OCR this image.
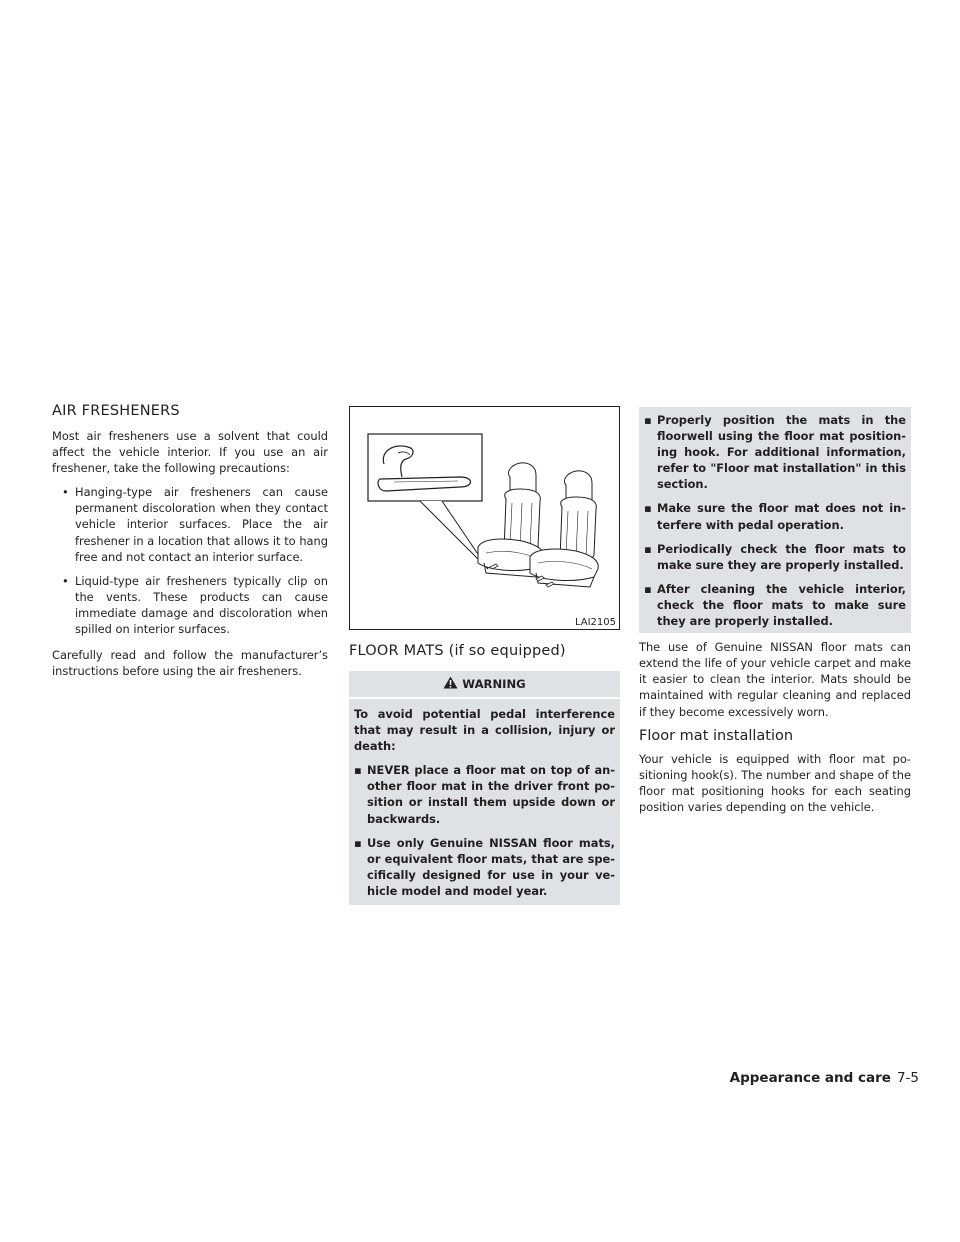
AIR FRESHENERS

Most air fresheners use a solvent that could affect the vehicle interior. If you use an air freshener, take the following precautions:

• Hanging-type air fresheners can cause permanent discoloration when they contact vehicle interior surfaces. Place the air freshener in a location that allows it to hang free and not contact an interior surface.
• Liquid-type air fresheners typically clip on the vents. These products can cause immediate damage and discoloration when spilled on interior surfaces.

Carefully read and follow the manufacturer’s instructions before using the air fresheners.

LAI2105
FLOOR MATS (if so equipped)
WARNING

To avoid potential pedal interference that may result in a collision, injury or death:

▪ NEVER place a floor mat on top of another floor mat in the driver front position or install them upside down or backwards.
▪ Use only Genuine NISSAN floor mats, or equivalent floor mats, that are specifically designed for use in your vehicle model and model year.
▪ Properly position the mats in the floorwell using the floor mat positioning hook. For additional information, refer to "Floor mat installation" in this section.
▪ Make sure the floor mat does not interfere with pedal operation.
▪ Periodically check the floor mats to make sure they are properly installed.
▪ After cleaning the vehicle interior, check the floor mats to make sure they are properly installed.

The use of Genuine NISSAN floor mats can extend the life of your vehicle carpet and make it easier to clean the interior. Mats should be maintained with regular cleaning and replaced if they become excessively worn.

Floor mat installation

Your vehicle is equipped with floor mat positioning hook(s). The number and shape of the floor mat positioning hooks for each seating position varies depending on the vehicle.

Appearance and care 7-5
